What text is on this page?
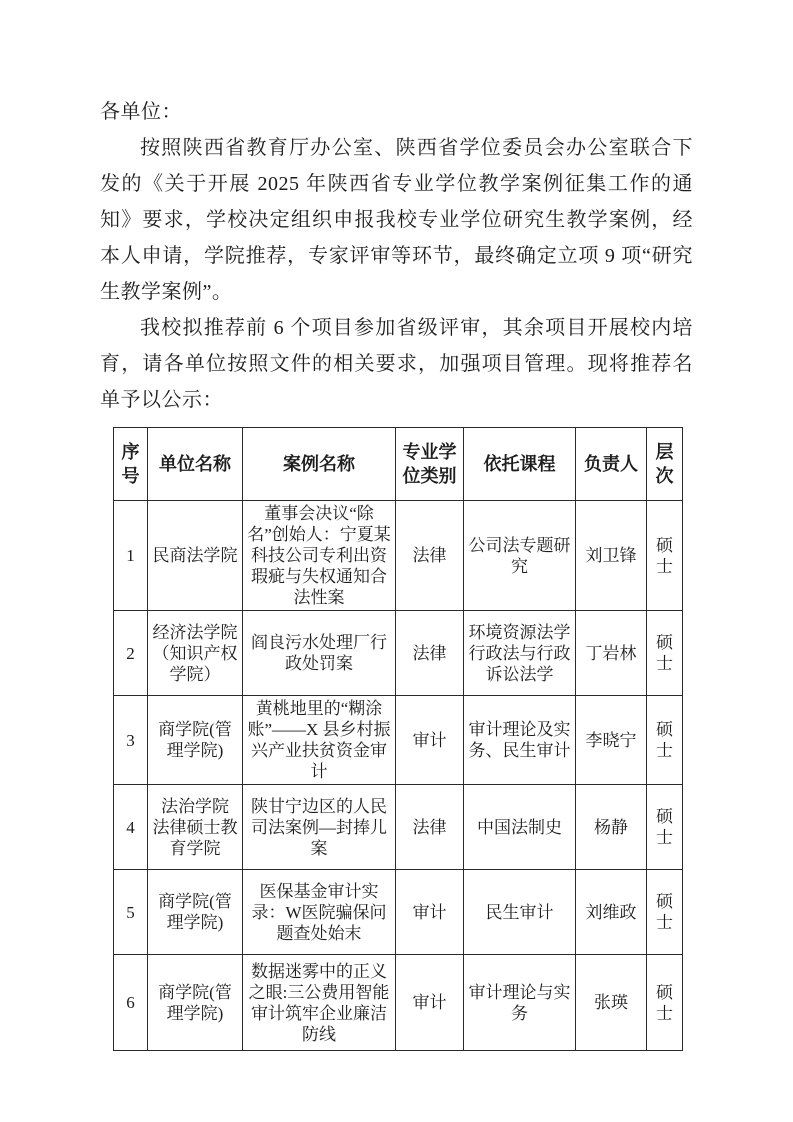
各单位：

按照陕西省教育厅办公室、陕西省学位委员会办公室联合下发的《关于开展 2025 年陕西省专业学位教学案例征集工作的通知》要求，学校决定组织申报我校专业学位研究生教学案例，经本人申请，学院推荐，专家评审等环节，最终确定立项 9 项“研究生教学案例”。

我校拟推荐前 6 个项目参加省级评审，其余项目开展校内培育，请各单位按照文件的相关要求，加强项目管理。现将推荐名单予以公示：

序号	单位名称	案例名称	专业学位类别	依托课程	负责人	层次
1	民商法学院	董事会决议“除名”创始人：宁夏某科技公司专利出资瑕疵与失权通知合法性案	法律	公司法专题研究	刘卫锋	硕士
2	经济法学院（知识产权学院）	阎良污水处理厂行政处罚案	法律	环境资源法学行政法与行政诉讼法学	丁岩林	硕士
3	商学院(管理学院)	黄桃地里的“糊涂账”——X 县乡村振兴产业扶贫资金审计	审计	审计理论及实务、民生审计	李晓宁	硕士
4	法治学院 法律硕士教育学院	陕甘宁边区的人民司法案例—封捧儿案	法律	中国法制史	杨静	硕士
5	商学院(管理学院)	医保基金审计实录：W医院骗保问题查处始末	审计	民生审计	刘维政	硕士
6	商学院(管理学院)	数据迷雾中的正义之眼:三公费用智能审计筑牢企业廉洁防线	审计	审计理论与实务	张瑛	硕士
